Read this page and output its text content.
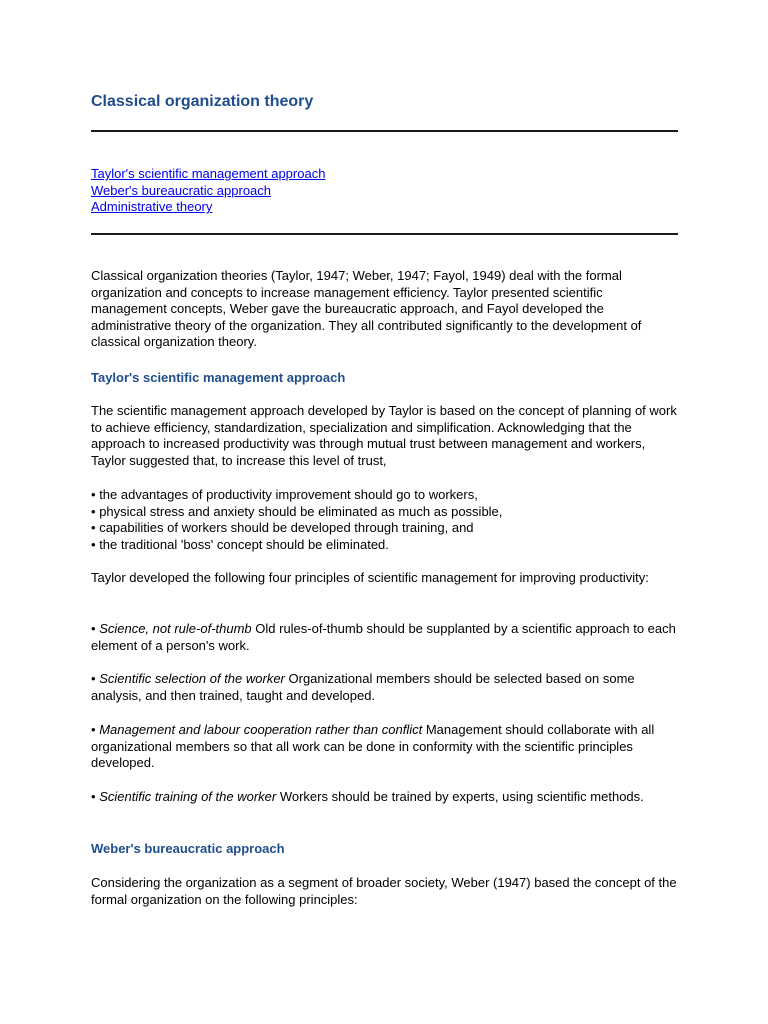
Classical organization theory
Taylor's scientific management approach
Weber's bureaucratic approach
Administrative theory

Classical organization theories (Taylor, 1947; Weber, 1947; Fayol, 1949) deal with the formal organization and concepts to increase management efficiency. Taylor presented scientific management concepts, Weber gave the bureaucratic approach, and Fayol developed the administrative theory of the organization. They all contributed significantly to the development of classical organization theory.

Taylor's scientific management approach

The scientific management approach developed by Taylor is based on the concept of planning of work to achieve efficiency, standardization, specialization and simplification. Acknowledging that the approach to increased productivity was through mutual trust between management and workers, Taylor suggested that, to increase this level of trust,

• the advantages of productivity improvement should go to workers,
• physical stress and anxiety should be eliminated as much as possible,
• capabilities of workers should be developed through training, and
• the traditional 'boss' concept should be eliminated.

Taylor developed the following four principles of scientific management for improving productivity:

• Science, not rule-of-thumb Old rules-of-thumb should be supplanted by a scientific approach to each element of a person's work.

• Scientific selection of the worker Organizational members should be selected based on some analysis, and then trained, taught and developed.

• Management and labour cooperation rather than conflict Management should collaborate with all organizational members so that all work can be done in conformity with the scientific principles developed.

• Scientific training of the worker Workers should be trained by experts, using scientific methods.

Weber's bureaucratic approach

Considering the organization as a segment of broader society, Weber (1947) based the concept of the formal organization on the following principles:
